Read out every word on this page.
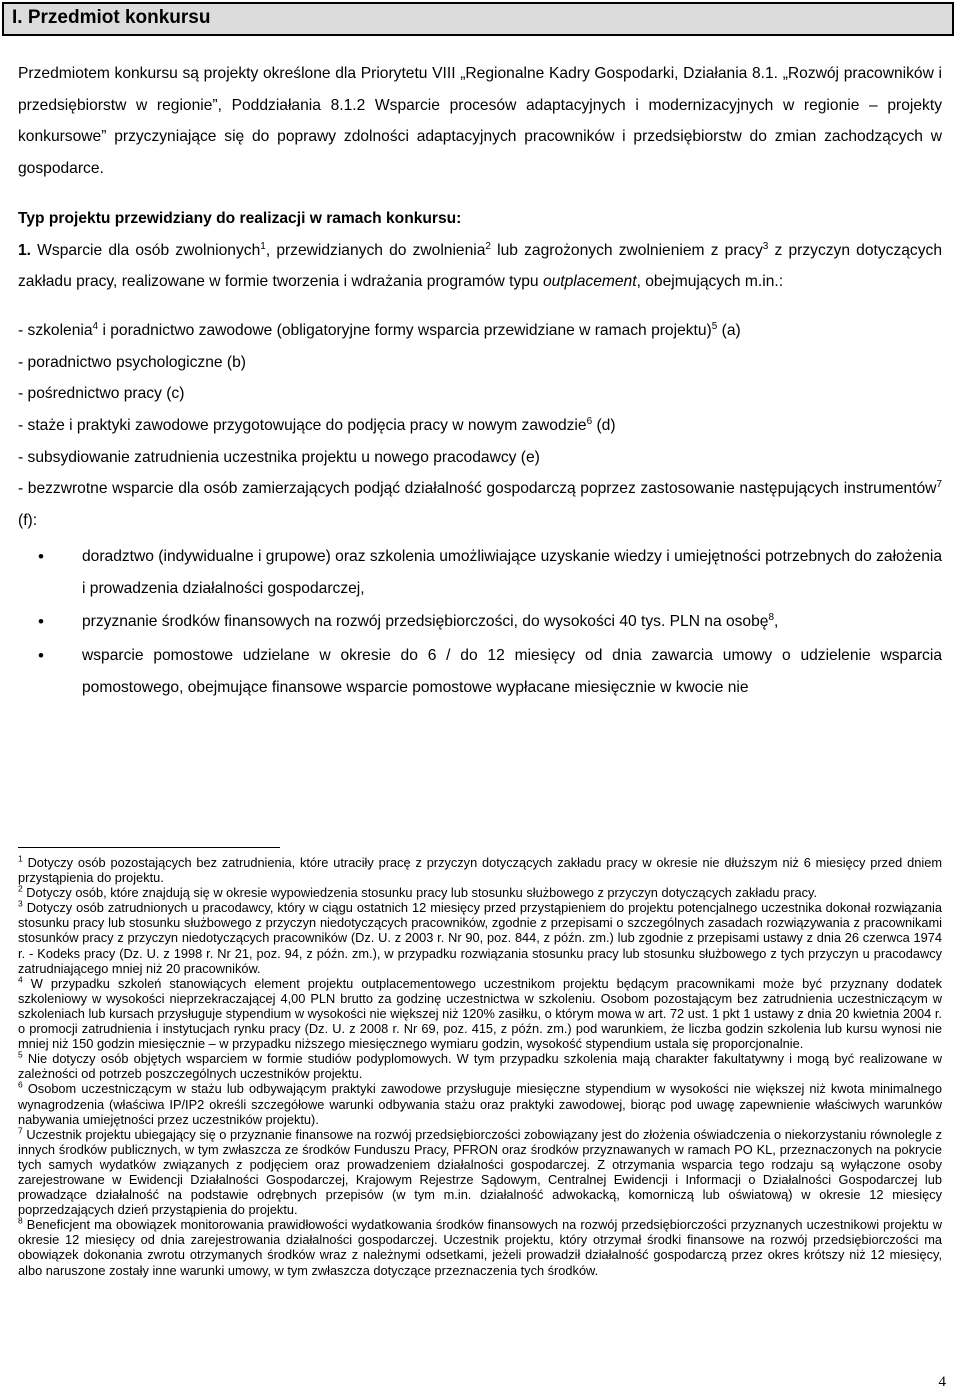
I. Przedmiot konkursu

Przedmiotem konkursu są projekty określone dla Priorytetu VIII „Regionalne Kadry Gospodarki, Działania 8.1. „Rozwój pracowników i przedsiębiorstw w regionie”, Poddziałania 8.1.2 Wsparcie procesów adaptacyjnych i modernizacyjnych w regionie – projekty konkursowe” przyczyniające się do poprawy zdolności adaptacyjnych pracowników i przedsiębiorstw do zmian zachodzących w gospodarce.

Typ projektu przewidziany do realizacji w ramach konkursu:

1. Wsparcie dla osób zwolnionych$^1$, przewidzianych do zwolnienia$^2$ lub zagrożonych zwolnieniem z pracy$^3$ z przyczyn dotyczących zakładu pracy, realizowane w formie tworzenia i wdrażania programów typu outplacement, obejmujących m.in.:

- szkolenia$^4$ i poradnictwo zawodowe (obligatoryjne formy wsparcia przewidziane w ramach projektu)$^5$ (a)

- poradnictwo psychologiczne (b)

- pośrednictwo pracy (c)

- staże i praktyki zawodowe przygotowujące do podjęcia pracy w nowym zawodzie$^6$ (d)

- subsydiowanie zatrudnienia uczestnika projektu u nowego pracodawcy (e)

- bezzwrotne wsparcie dla osób zamierzających podjąć działalność gospodarczą poprzez zastosowanie następujących instrumentów$^7$ (f):

• doradztwo (indywidualne i grupowe) oraz szkolenia umożliwiające uzyskanie wiedzy i umiejętności potrzebnych do założenia i prowadzenia działalności gospodarczej,
• przyznanie środków finansowych na rozwój przedsiębiorczości, do wysokości 40 tys. PLN na osobę$^8$,
• wsparcie pomostowe udzielane w okresie do 6 / do 12 miesięcy od dnia zawarcia umowy o udzielenie wsparcia pomostowego, obejmujące finansowe wsparcie pomostowe wypłacane miesięcznie w kwocie nie

$^1$ Dotyczy osób pozostających bez zatrudnienia, które utraciły pracę z przyczyn dotyczących zakładu pracy w okresie nie dłuższym niż 6 miesięcy przed dniem przystąpienia do projektu.

$^2$ Dotyczy osób, które znajdują się w okresie wypowiedzenia stosunku pracy lub stosunku służbowego z przyczyn dotyczących zakładu pracy.

$^3$ Dotyczy osób zatrudnionych u pracodawcy, który w ciągu ostatnich 12 miesięcy przed przystąpieniem do projektu potencjalnego uczestnika dokonał rozwiązania stosunku pracy lub stosunku służbowego z przyczyn niedotyczących pracowników, zgodnie z przepisami o szczególnych zasadach rozwiązywania z pracownikami stosunków pracy z przyczyn niedotyczących pracowników (Dz. U. z 2003 r. Nr 90, poz. 844, z późn. zm.) lub zgodnie z przepisami ustawy z dnia 26 czerwca 1974 r. - Kodeks pracy (Dz. U. z 1998 r. Nr 21, poz. 94, z późn. zm.), w przypadku rozwiązania stosunku pracy lub stosunku służbowego z tych przyczyn u pracodawcy zatrudniającego mniej niż 20 pracowników.

$^4$ W przypadku szkoleń stanowiących element projektu outplacementowego uczestnikom projektu będącym pracownikami może być przyznany dodatek szkoleniowy w wysokości nieprzekraczającej 4,00 PLN brutto za godzinę uczestnictwa w szkoleniu. Osobom pozostającym bez zatrudnienia uczestniczącym w szkoleniach lub kursach przysługuje stypendium w wysokości nie większej niż 120% zasiłku, o którym mowa w art. 72 ust. 1 pkt 1 ustawy z dnia 20 kwietnia 2004 r. o promocji zatrudnienia i instytucjach rynku pracy (Dz. U. z 2008 r. Nr 69, poz. 415, z późn. zm.) pod warunkiem, że liczba godzin szkolenia lub kursu wynosi nie mniej niż 150 godzin miesięcznie – w przypadku niższego miesięcznego wymiaru godzin, wysokość stypendium ustala się proporcjonalnie.

$^5$ Nie dotyczy osób objętych wsparciem w formie studiów podyplomowych. W tym przypadku szkolenia mają charakter fakultatywny i mogą być realizowane w zależności od potrzeb poszczególnych uczestników projektu.

$^6$ Osobom uczestniczącym w stażu lub odbywającym praktyki zawodowe przysługuje miesięczne stypendium w wysokości nie większej niż kwota minimalnego wynagrodzenia (właściwa IP/IP2 określi szczegółowe warunki odbywania stażu oraz praktyki zawodowej, biorąc pod uwagę zapewnienie właściwych warunków nabywania umiejętności przez uczestników projektu).

$^7$ Uczestnik projektu ubiegający się o przyznanie finansowe na rozwój przedsiębiorczości zobowiązany jest do złożenia oświadczenia o niekorzystaniu równolegle z innych środków publicznych, w tym zwłaszcza ze środków Funduszu Pracy, PFRON oraz środków przyznawanych w ramach PO KL, przeznaczonych na pokrycie tych samych wydatków związanych z podjęciem oraz prowadzeniem działalności gospodarczej. Z otrzymania wsparcia tego rodzaju są wyłączone osoby zarejestrowane w Ewidencji Działalności Gospodarczej, Krajowym Rejestrze Sądowym, Centralnej Ewidencji i Informacji o Działalności Gospodarczej lub prowadzące działalność na podstawie odrębnych przepisów (w tym m.in. działalność adwokacką, komorniczą lub oświatową) w okresie 12 miesięcy poprzedzających dzień przystąpienia do projektu.

$^8$ Beneficjent ma obowiązek monitorowania prawidłowości wydatkowania środków finansowych na rozwój przedsiębiorczości przyznanych uczestnikowi projektu w okresie 12 miesięcy od dnia zarejestrowania działalności gospodarczej. Uczestnik projektu, który otrzymał środki finansowe na rozwój przedsiębiorczości ma obowiązek dokonania zwrotu otrzymanych środków wraz z należnymi odsetkami, jeżeli prowadził działalność gospodarczą przez okres krótszy niż 12 miesięcy, albo naruszone zostały inne warunki umowy, w tym zwłaszcza dotyczące przeznaczenia tych środków.

4
